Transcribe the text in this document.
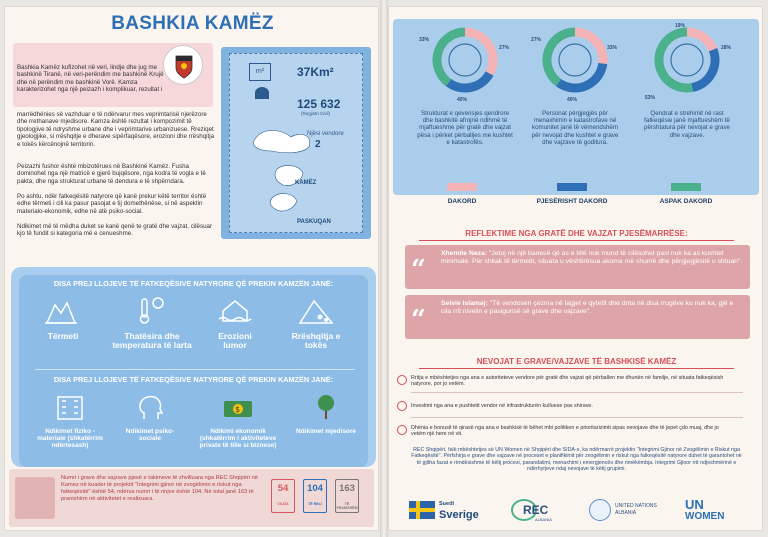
BASHKIA KAMËZ
Bashkia Kamëz kufizohet në veri, lindje dhe jug me bashkinë Tiranë, në veri-perëndim me bashkinë Krujë dhe në perëndim me bashkinë Vorë. Kamza karakterizohet nga një peizazh i komplikuar, rezultat i
marrëdhënies së vazhduar e të ndërvarur mes veprimtarisë njerëzore dhe rrethanave mjedisore. Kamza është rezultat i kompozimit të tipologjive të ndryshme urbane dhe i veprimtarive urbanizuese. Rreziqet gjeologjike, si rrëshqitje e dherave sipërfaqësore, erozioni dhe rrëshqitja e tokës kërcënojnë territorin.
Peizazhi fushor është mbizotërues në Bashkinë Kamëz. Fusha dominohet nga një matricë e gjerë bujqësore, nga kodra të vogla e të pakta, dhe nga strukturat urbane të dendura e të shpërndara.
Po ashtu, ndër fatkeqësitë natyrore që kanë prekur këtë territor është edhe tërmeti i cili ka pasur pasojat e tij domethënëse, si në aspektin materialo-ekonomik, edhe në atë psiko-social.
Ndikimet më të mëdha duket se kanë qenë te gratë dhe vajzat, cilësuar kjo të fundit si kategoria më e cenueshme.
m²	37Km²
125 632
(Regjistri Civil)
Njësi vendore
2
KAMËZ
PASKUQAN
DISA PREJ LLOJEVE TË FATKEQËSIVE NATYRORE QË PREKIN KAMZËN JANË:
Tërmeti	Thatësira dhe temperatura të larta
Erozioni lumor
Rrëshqitja e tokës
DISA PREJ LLOJEVE TË FATKEQËSIVE NATYRORE QË PREKIN KAMZËN JANË:
Ndikimet fiziko - materiale (shkatërrim ndërtesash)
Ndikimet psiko-sociale
$
Ndikimi ekonomik (shkatërrim i aktiviteteve private të tille si biznese)
Ndikimet mjedisore
Numri i grave dhe vajzave pjesë e takimeve të zhvilluara nga REC Shqipëri në Kamez në kuader të projektit "Integrimi gjinor në zvogëlimin e riskut nga fatkeqësitë" është 54, ndërsa numri i të rinjve është 104. Në total janë 163 të pranishëm në aktivitetet e realizuara.
54
VAJZA
104
TË RINJ
163
TË PRANISHËM
33%
27%
40%
Strukturat e qeverisjes qendrore dhe bashkitë afrojnë ndihmë të mjaftueshme për gratë dhe vajzat pësa i përket përballjes me kushtet e katastrofës.
27%
33%
40%
Personat përgjegjës për menaxhimin e katastrofave në komunitet janë të vëmendshëm për nevojat dhe kushtet e grave dhe vajzave të goditura.
19%
28%
53%
Qendrat e strehimit në rast fatkeqësie janë mjaftueshëm të përshtatura për nevojat e grave dhe vajzave.
DAKORD	PJESËRISHT DAKORD	ASPAK DAKORD
REFLEKTIME NGA GRATË DHE VAJZAT PJESËMARRËSE:
“
Xhemile Neza: "Jetoj në një banesë që as e tillë nuk mund të cilësohet pasi nuk ka as kushtet minimale. Për shkak të tërmetit, situata u vështirësua akoma më shumë dhe përgjegjësitë u shtuan".
“
Selvie Islamaj: "Të vendosen çezma në lagjet e qytetit dhe drita në disa rrugëve ku nuk ka, gjë e cila rrit nivelin e pasigurisë së grave dhe vajzave".
NEVOJAT E GRAVE/VAJZAVE TË BASHKISË KAMËZ
Rritja e mbështetjes nga ana e autoriteteve vendore për gratë dhe vajzat që përballen me dhunën në familje, në situata fatkeqësish natyrore, por jo vetëm.
Investimi nga ana e pushtetit vendor në infrastrukturën kulluese pas shirave.
Dhënia e bonusit të qirasë nga ana e bashkisë të bëhet mbi politiken e prioritarizimit sipas nevojave dhe të jepet çdo muaj, dhe jo vetëm një here në vit.
REC Shqipëri, falë mbështetjes së UN Women në Shqipëri dhe SIDA-s, ka ndërmarrë projektin "Integrimi Gjinor në Zvogëlimin e Riskut nga Fatkeqësitë". Përfshirja e grave dhe vajzave në proceset e planifikimit për zvogëlimin e riskut nga fatkeqësitë natyrore duhet të garantohet në të gjitha fazat e rëndësishme të këtij procesi, parandalimi, menaxhimi i emergjencës dhe rimëkëmbja. Integrimi Gjinor rrit ndjeshmërinë e ndërhyrjeve ndaj nevojave të këtij grupimi.
Suedi
Sverige	REC
ALBANIA
UNITED NATIONS
ALBANIA
UN
WOMEN
